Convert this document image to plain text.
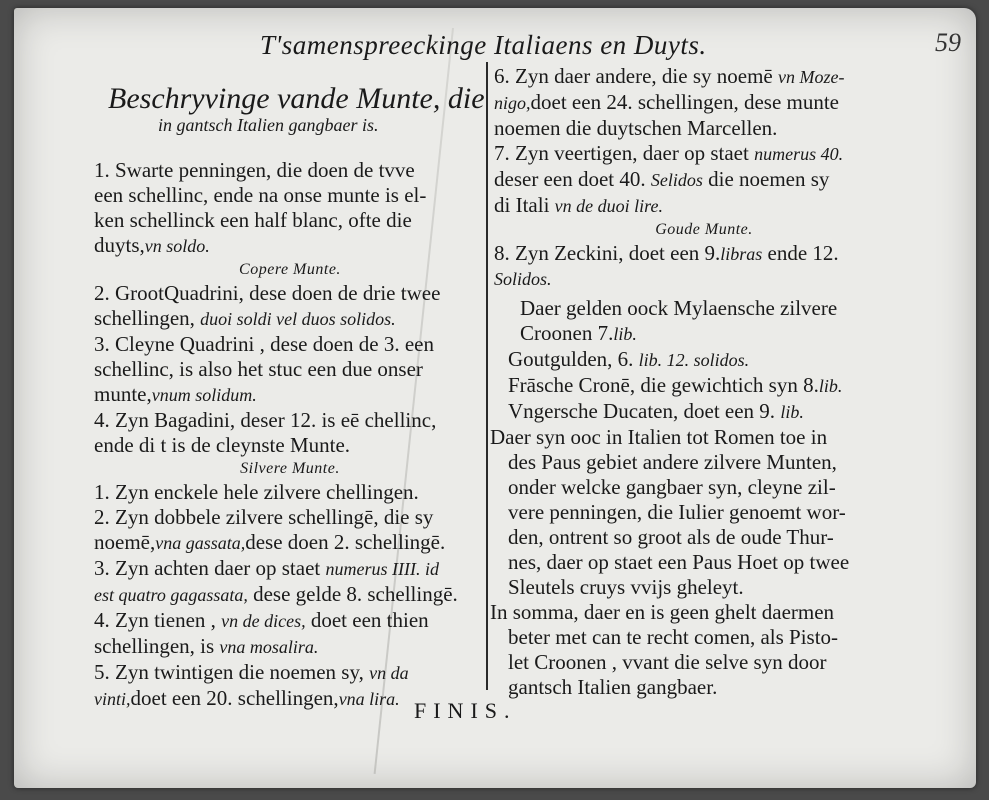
T'samenspreeckinge Italiaens en Duyts.	59
Beschryvinge vande Munte, die
in gantsch Italien gangbaer is.
1. Swarte penningen, die doen de tvve
een schellinc, ende na onse munte is el-
ken schellinck een half blanc, ofte die
duyts,vn soldo.
Copere Munte.
2. GrootQuadrini, dese doen de drie twee
schellingen, duoi soldi vel duos solidos.
3. Cleyne Quadrini , dese doen de 3. een
schellinc, is also het stuc een due onser
munte,vnum solidum.
4. Zyn Bagadini, deser 12. is eē chellinc,
ende di t is de cleynste Munte.
Silvere Munte.
1. Zyn enckele hele zilvere chellingen.
2. Zyn dobbele zilvere schellingē, die sy
noemē,vna gassata,dese doen 2. schellingē.
3. Zyn achten daer op staet numerus IIII. id
est quatro gagassata, dese gelde 8. schellingē.
4. Zyn tienen , vn de dices, doet een thien
schellingen, is vna mosalira.
5. Zyn twintigen die noemen sy, vn da
vinti,doet een 20. schellingen,vna lira.
6. Zyn daer andere, die sy noemē vn Moze-
nigo,doet een 24. schellingen, dese munte
noemen die duytschen Marcellen.
7. Zyn veertigen, daer op staet numerus 40.
deser een doet 40. Selidos die noemen sy
di Itali vn de duoi lire.
Goude Munte.
8. Zyn Zeckini, doet een 9.libras ende 12.
Solidos.
Daer gelden oock Mylaensche zilvere
Croonen 7.lib.
Goutgulden, 6. lib. 12. solidos.
Frāsche Cronē, die gewichtich syn 8.lib.
Vngersche Ducaten, doet een 9. lib.
Daer syn ooc in Italien tot Romen toe in
des Paus gebiet andere zilvere Munten,
onder welcke gangbaer syn, cleyne zil-
vere penningen, die Iulier genoemt wor-
den, ontrent so groot als de oude Thur-
nes, daer op staet een Paus Hoet op twee
Sleutels cruys vvijs gheleyt.
In somma, daer en is geen ghelt daermen
beter met can te recht comen, als Pisto-
let Croonen , vvant die selve syn door
gantsch Italien gangbaer.
FINIS.
